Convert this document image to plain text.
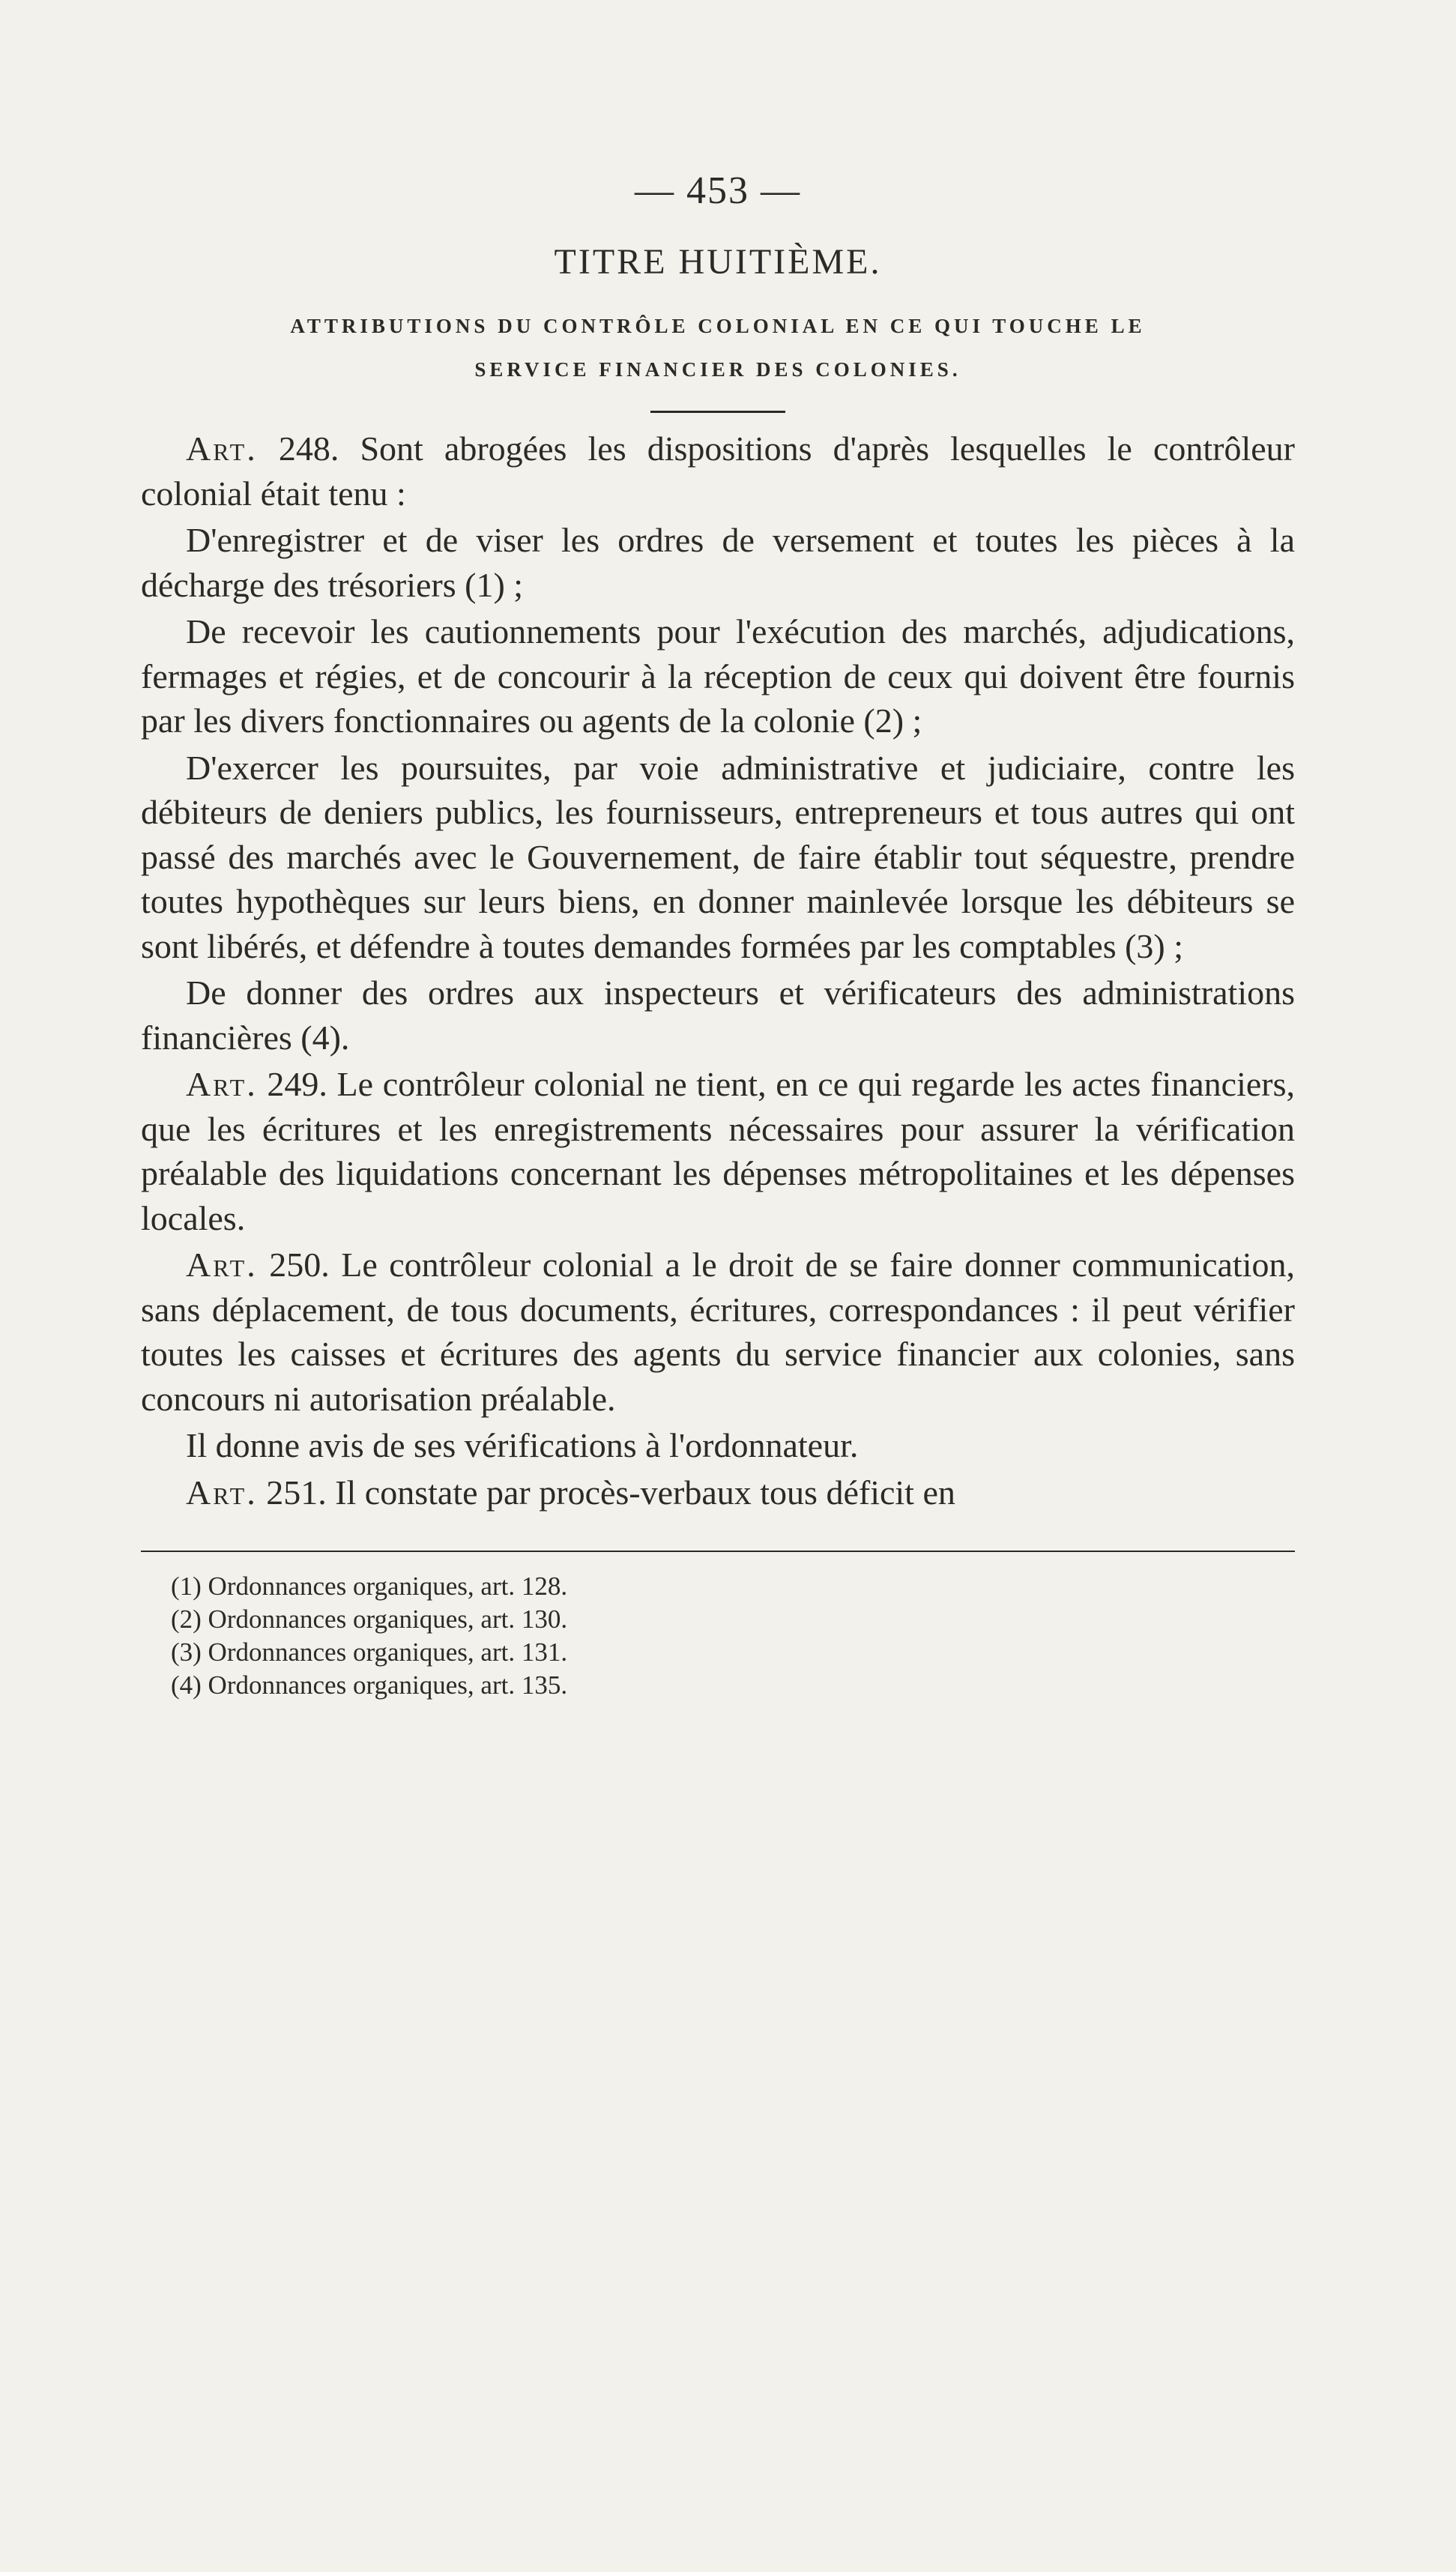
— 453 —
TITRE HUITIÈME.
ATTRIBUTIONS DU CONTRÔLE COLONIAL EN CE QUI TOUCHE LE
SERVICE FINANCIER DES COLONIES.

Art. 248. Sont abrogées les dispositions d'après lesquelles le contrôleur colonial était tenu :

D'enregistrer et de viser les ordres de versement et toutes les pièces à la décharge des trésoriers (1) ;

De recevoir les cautionnements pour l'exécution des marchés, adjudications, fermages et régies, et de concourir à la réception de ceux qui doivent être fournis par les divers fonctionnaires ou agents de la colonie (2) ;

D'exercer les poursuites, par voie administrative et judiciaire, contre les débiteurs de deniers publics, les fournisseurs, entrepreneurs et tous autres qui ont passé des marchés avec le Gouvernement, de faire établir tout séquestre, prendre toutes hypothèques sur leurs biens, en donner mainlevée lorsque les débiteurs se sont libérés, et défendre à toutes demandes formées par les comptables (3) ;

De donner des ordres aux inspecteurs et vérificateurs des administrations financières (4).

Art. 249. Le contrôleur colonial ne tient, en ce qui regarde les actes financiers, que les écritures et les enregistrements nécessaires pour assurer la vérification préalable des liquidations concernant les dépenses métropolitaines et les dépenses locales.

Art. 250. Le contrôleur colonial a le droit de se faire donner communication, sans déplacement, de tous documents, écritures, correspondances : il peut vérifier toutes les caisses et écritures des agents du service financier aux colonies, sans concours ni autorisation préalable.

Il donne avis de ses vérifications à l'ordonnateur.

Art. 251. Il constate par procès-verbaux tous déficit en

(1) Ordonnances organiques, art. 128.

(2) Ordonnances organiques, art. 130.

(3) Ordonnances organiques, art. 131.

(4) Ordonnances organiques, art. 135.
